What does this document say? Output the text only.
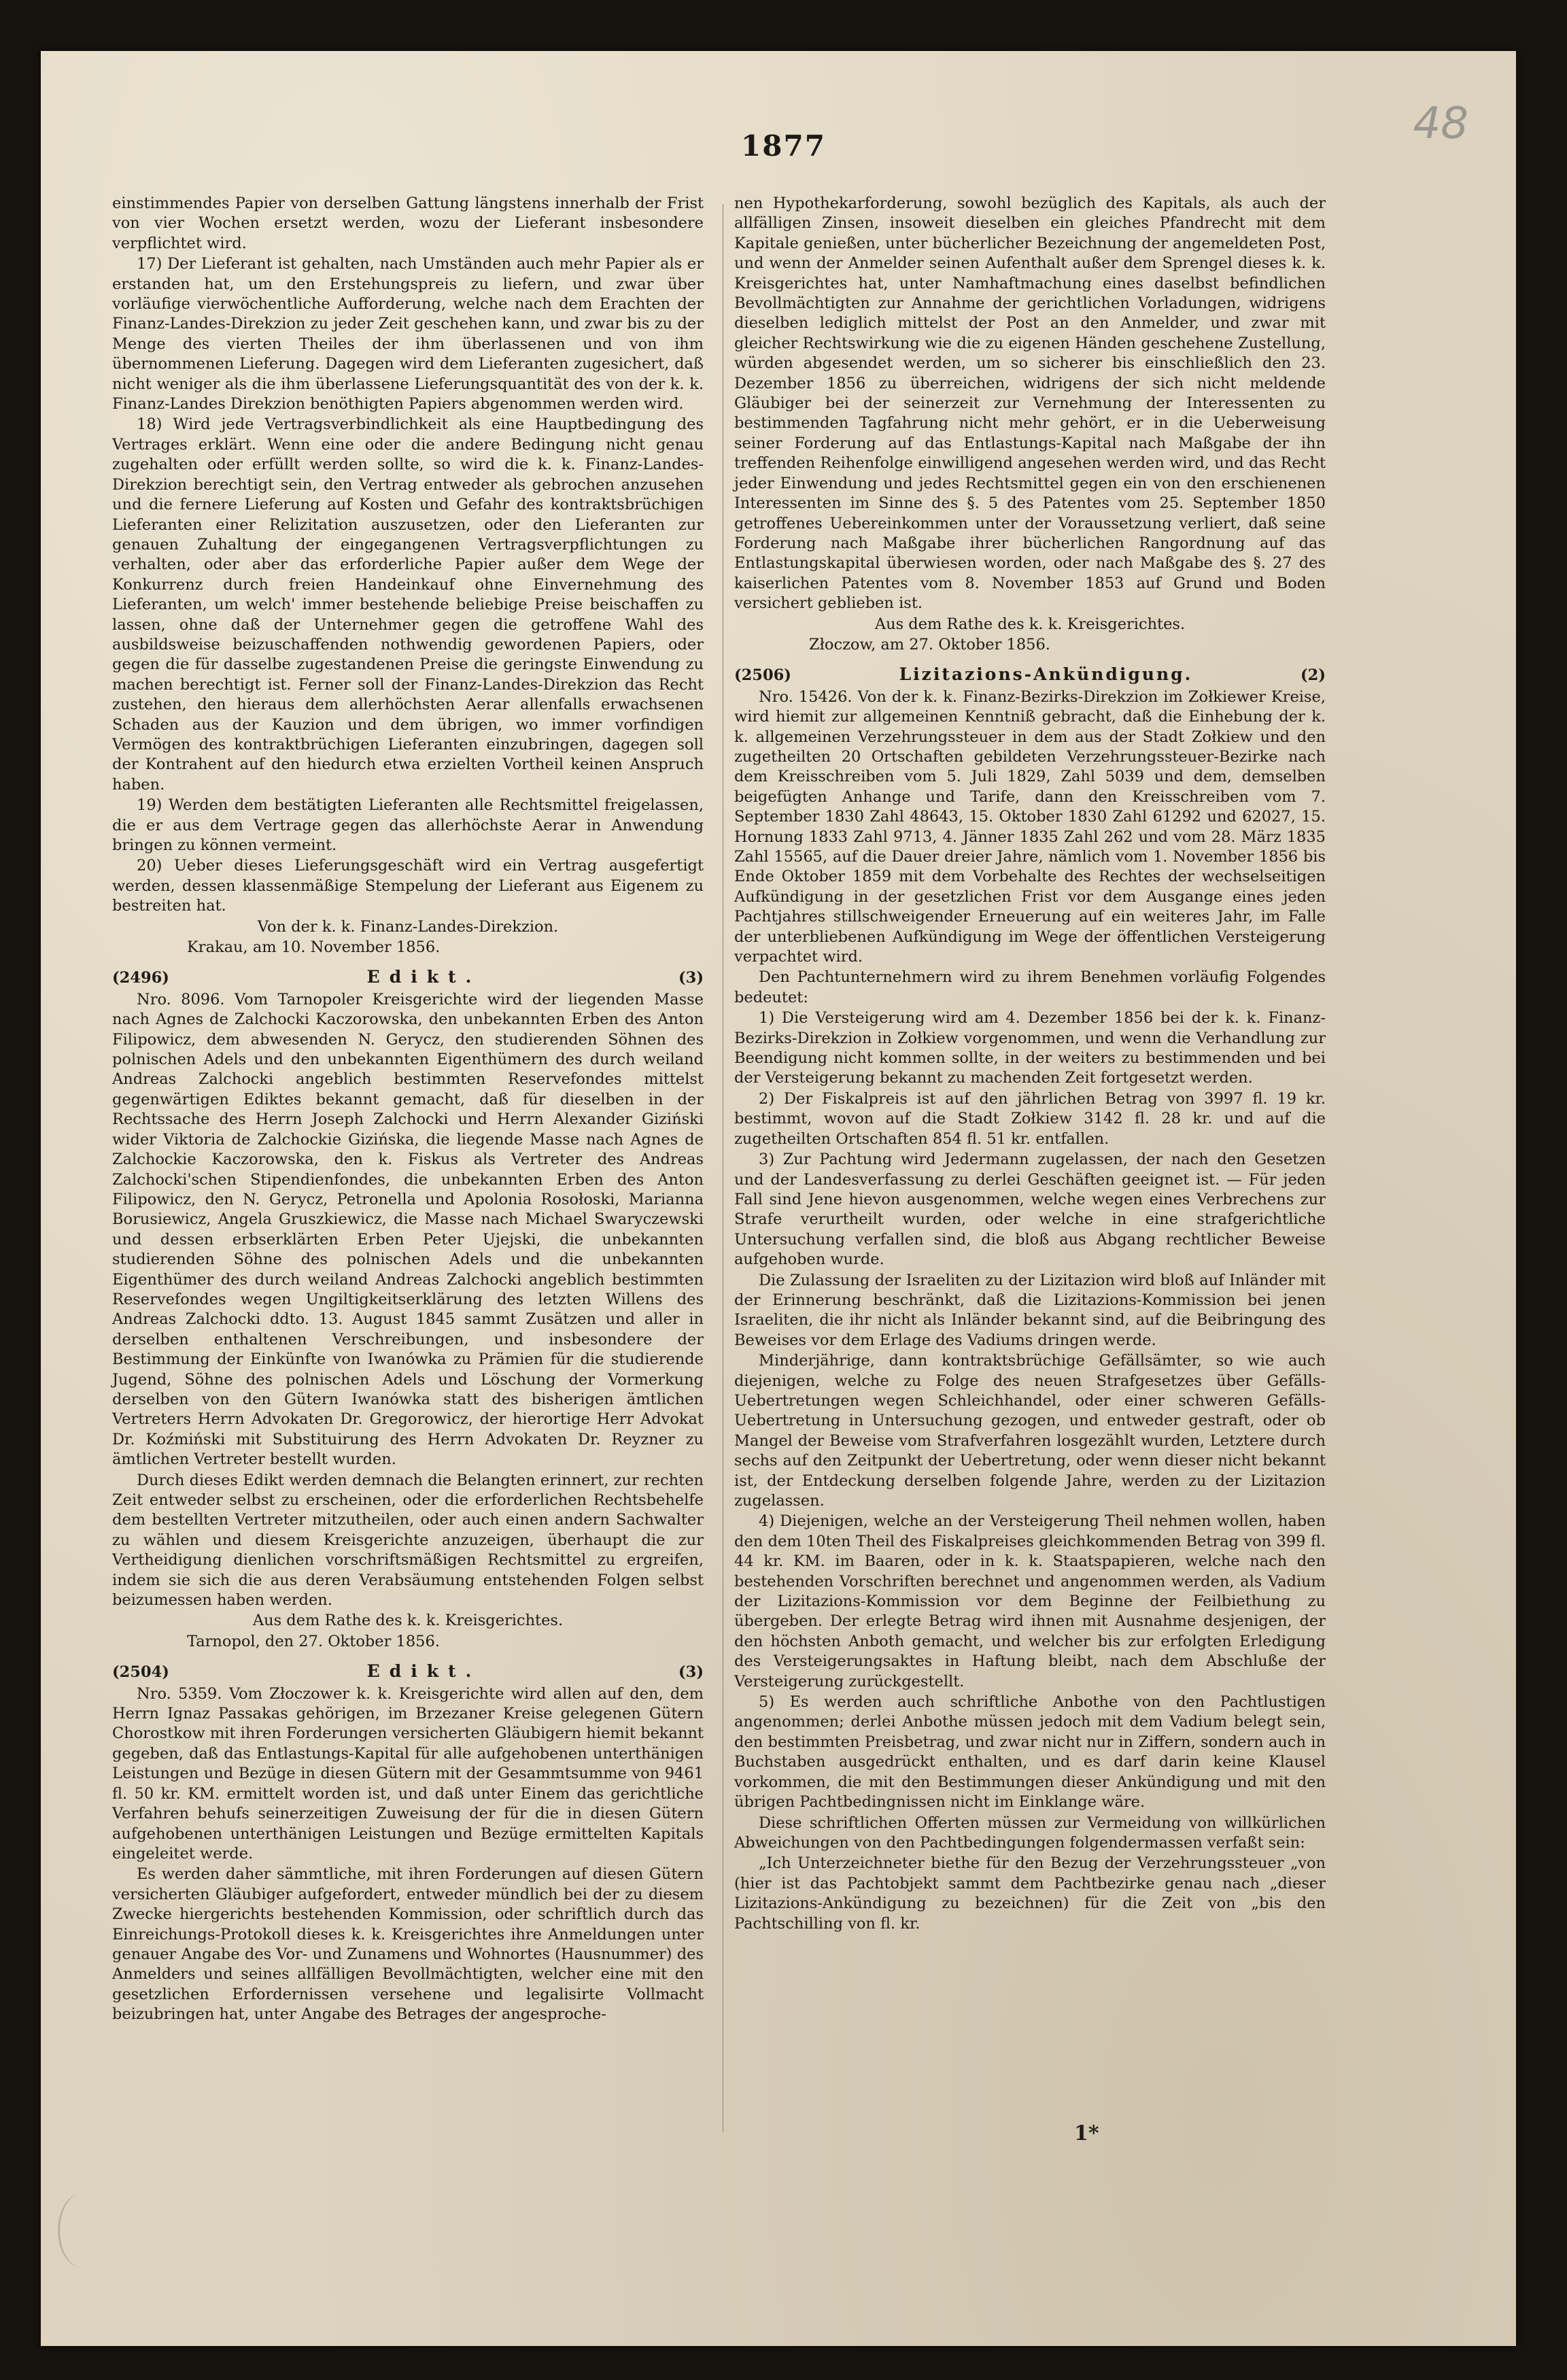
48
1877

einstimmendes Papier von derselben Gattung längstens innerhalb der Frist von vier Wochen ersetzt werden, wozu der Lieferant insbesondere verpflichtet wird.

17) Der Lieferant ist gehalten, nach Umständen auch mehr Papier als er erstanden hat, um den Erstehungspreis zu liefern, und zwar über vorläufige vierwöchentliche Aufforderung, welche nach dem Erachten der Finanz-Landes-Direkzion zu jeder Zeit geschehen kann, und zwar bis zu der Menge des vierten Theiles der ihm überlassenen und von ihm übernommenen Lieferung. Dagegen wird dem Lieferanten zugesichert, daß nicht weniger als die ihm überlassene Lieferungsquantität des von der k. k. Finanz-Landes Direkzion benöthigten Papiers abgenommen werden wird.

18) Wird jede Vertragsverbindlichkeit als eine Hauptbedingung des Vertrages erklärt. Wenn eine oder die andere Bedingung nicht genau zugehalten oder erfüllt werden sollte, so wird die k. k. Finanz-Landes-Direkzion berechtigt sein, den Vertrag entweder als gebrochen anzusehen und die fernere Lieferung auf Kosten und Gefahr des kontraktsbrüchigen Lieferanten einer Relizitation auszusetzen, oder den Lieferanten zur genauen Zuhaltung der eingegangenen Vertragsverpflichtungen zu verhalten, oder aber das erforderliche Papier außer dem Wege der Konkurrenz durch freien Handeinkauf ohne Einvernehmung des Lieferanten, um welch' immer bestehende beliebige Preise beischaffen zu lassen, ohne daß der Unternehmer gegen die getroffene Wahl des ausbildsweise beizuschaffenden nothwendig gewordenen Papiers, oder gegen die für dasselbe zugestandenen Preise die geringste Einwendung zu machen berechtigt ist. Ferner soll der Finanz-Landes-Direkzion das Recht zustehen, den hieraus dem allerhöchsten Aerar allenfalls erwachsenen Schaden aus der Kauzion und dem übrigen, wo immer vorfindigen Vermögen des kontraktbrüchigen Lieferanten einzubringen, dagegen soll der Kontrahent auf den hiedurch etwa erzielten Vortheil keinen Anspruch haben.

19) Werden dem bestätigten Lieferanten alle Rechtsmittel freigelassen, die er aus dem Vertrage gegen das allerhöchste Aerar in Anwendung bringen zu können vermeint.

20) Ueber dieses Lieferungsgeschäft wird ein Vertrag ausgefertigt werden, dessen klassenmäßige Stempelung der Lieferant aus Eigenem zu bestreiten hat.

Von der k. k. Finanz-Landes-Direkzion.

Krakau, am 10. November 1856.

(2496)	Edikt.	(3)

Nro. 8096. Vom Tarnopoler Kreisgerichte wird der liegenden Masse nach Agnes de Zalchocki Kaczorowska, den unbekannten Erben des Anton Filipowicz, dem abwesenden N. Gerycz, den studierenden Söhnen des polnischen Adels und den unbekannten Eigenthümern des durch weiland Andreas Zalchocki angeblich bestimmten Reservefondes mittelst gegenwärtigen Ediktes bekannt gemacht, daß für dieselben in der Rechtssache des Herrn Joseph Zalchocki und Herrn Alexander Giziński wider Viktoria de Zalchockie Gizińska, die liegende Masse nach Agnes de Zalchockie Kaczorowska, den k. Fiskus als Vertreter des Andreas Zalchocki'schen Stipendienfondes, die unbekannten Erben des Anton Filipowicz, den N. Gerycz, Petronella und Apolonia Rosołoski, Marianna Borusiewicz, Angela Gruszkiewicz, die Masse nach Michael Swaryczewski und dessen erbserklärten Erben Peter Ujejski, die unbekannten studierenden Söhne des polnischen Adels und die unbekannten Eigenthümer des durch weiland Andreas Zalchocki angeblich bestimmten Reservefondes wegen Ungiltigkeitserklärung des letzten Willens des Andreas Zalchocki ddto. 13. August 1845 sammt Zusätzen und aller in derselben enthaltenen Verschreibungen, und insbesondere der Bestimmung der Einkünfte von Iwanówka zu Prämien für die studierende Jugend, Söhne des polnischen Adels und Löschung der Vormerkung derselben von den Gütern Iwanówka statt des bisherigen ämtlichen Vertreters Herrn Advokaten Dr. Gregorowicz, der hierortige Herr Advokat Dr. Koźmiński mit Substituirung des Herrn Advokaten Dr. Reyzner zu ämtlichen Vertreter bestellt wurden.

Durch dieses Edikt werden demnach die Belangten erinnert, zur rechten Zeit entweder selbst zu erscheinen, oder die erforderlichen Rechtsbehelfe dem bestellten Vertreter mitzutheilen, oder auch einen andern Sachwalter zu wählen und diesem Kreisgerichte anzuzeigen, überhaupt die zur Vertheidigung dienlichen vorschriftsmäßigen Rechtsmittel zu ergreifen, indem sie sich die aus deren Verabsäumung entstehenden Folgen selbst beizumessen haben werden.

Aus dem Rathe des k. k. Kreisgerichtes.

Tarnopol, den 27. Oktober 1856.

(2504)	Edikt.	(3)

Nro. 5359. Vom Złoczower k. k. Kreisgerichte wird allen auf den, dem Herrn Ignaz Passakas gehörigen, im Brzezaner Kreise gelegenen Gütern Chorostkow mit ihren Forderungen versicherten Gläubigern hiemit bekannt gegeben, daß das Entlastungs-Kapital für alle aufgehobenen unterthänigen Leistungen und Bezüge in diesen Gütern mit der Gesammtsumme von 9461 fl. 50 kr. KM. ermittelt worden ist, und daß unter Einem das gerichtliche Verfahren behufs seinerzeitigen Zuweisung der für die in diesen Gütern aufgehobenen unterthänigen Leistungen und Bezüge ermittelten Kapitals eingeleitet werde.

Es werden daher sämmtliche, mit ihren Forderungen auf diesen Gütern versicherten Gläubiger aufgefordert, entweder mündlich bei der zu diesem Zwecke hiergerichts bestehenden Kommission, oder schriftlich durch das Einreichungs-Protokoll dieses k. k. Kreisgerichtes ihre Anmeldungen unter genauer Angabe des Vor- und Zunamens und Wohnortes (Hausnummer) des Anmelders und seines allfälligen Bevollmächtigten, welcher eine mit den gesetzlichen Erfordernissen versehene und legalisirte Vollmacht beizubringen hat, unter Angabe des Betrages der angesproche-

nen Hypothekarforderung, sowohl bezüglich des Kapitals, als auch der allfälligen Zinsen, insoweit dieselben ein gleiches Pfandrecht mit dem Kapitale genießen, unter bücherlicher Bezeichnung der angemeldeten Post, und wenn der Anmelder seinen Aufenthalt außer dem Sprengel dieses k. k. Kreisgerichtes hat, unter Namhaftmachung eines daselbst befindlichen Bevollmächtigten zur Annahme der gerichtlichen Vorladungen, widrigens dieselben lediglich mittelst der Post an den Anmelder, und zwar mit gleicher Rechtswirkung wie die zu eigenen Händen geschehene Zustellung, würden abgesendet werden, um so sicherer bis einschließlich den 23. Dezember 1856 zu überreichen, widrigens der sich nicht meldende Gläubiger bei der seinerzeit zur Vernehmung der Interessenten zu bestimmenden Tagfahrung nicht mehr gehört, er in die Ueberweisung seiner Forderung auf das Entlastungs-Kapital nach Maßgabe der ihn treffenden Reihenfolge einwilligend angesehen werden wird, und das Recht jeder Einwendung und jedes Rechtsmittel gegen ein von den erschienenen Interessenten im Sinne des §. 5 des Patentes vom 25. September 1850 getroffenes Uebereinkommen unter der Voraussetzung verliert, daß seine Forderung nach Maßgabe ihrer bücherlichen Rangordnung auf das Entlastungskapital überwiesen worden, oder nach Maßgabe des §. 27 des kaiserlichen Patentes vom 8. November 1853 auf Grund und Boden versichert geblieben ist.

Aus dem Rathe des k. k. Kreisgerichtes.

Złoczow, am 27. Oktober 1856.

(2506)	Lizitazions-Ankündigung.	(2)

Nro. 15426. Von der k. k. Finanz-Bezirks-Direkzion im Zołkiewer Kreise, wird hiemit zur allgemeinen Kenntniß gebracht, daß die Einhebung der k. k. allgemeinen Verzehrungssteuer in dem aus der Stadt Zołkiew und den zugetheilten 20 Ortschaften gebildeten Verzehrungssteuer-Bezirke nach dem Kreisschreiben vom 5. Juli 1829, Zahl 5039 und dem, demselben beigefügten Anhange und Tarife, dann den Kreisschreiben vom 7. September 1830 Zahl 48643, 15. Oktober 1830 Zahl 61292 und 62027, 15. Hornung 1833 Zahl 9713, 4. Jänner 1835 Zahl 262 und vom 28. März 1835 Zahl 15565, auf die Dauer dreier Jahre, nämlich vom 1. November 1856 bis Ende Oktober 1859 mit dem Vorbehalte des Rechtes der wechselseitigen Aufkündigung in der gesetzlichen Frist vor dem Ausgange eines jeden Pachtjahres stillschweigender Erneuerung auf ein weiteres Jahr, im Falle der unterbliebenen Aufkündigung im Wege der öffentlichen Versteigerung verpachtet wird.

Den Pachtunternehmern wird zu ihrem Benehmen vorläufig Folgendes bedeutet:

1) Die Versteigerung wird am 4. Dezember 1856 bei der k. k. Finanz-Bezirks-Direkzion in Zołkiew vorgenommen, und wenn die Verhandlung zur Beendigung nicht kommen sollte, in der weiters zu bestimmenden und bei der Versteigerung bekannt zu machenden Zeit fortgesetzt werden.

2) Der Fiskalpreis ist auf den jährlichen Betrag von 3997 fl. 19 kr. bestimmt, wovon auf die Stadt Zołkiew 3142 fl. 28 kr. und auf die zugetheilten Ortschaften 854 fl. 51 kr. entfallen.

3) Zur Pachtung wird Jedermann zugelassen, der nach den Gesetzen und der Landesverfassung zu derlei Geschäften geeignet ist. — Für jeden Fall sind Jene hievon ausgenommen, welche wegen eines Verbrechens zur Strafe verurtheilt wurden, oder welche in eine strafgerichtliche Untersuchung verfallen sind, die bloß aus Abgang rechtlicher Beweise aufgehoben wurde.

Die Zulassung der Israeliten zu der Lizitazion wird bloß auf Inländer mit der Erinnerung beschränkt, daß die Lizitazions-Kommission bei jenen Israeliten, die ihr nicht als Inländer bekannt sind, auf die Beibringung des Beweises vor dem Erlage des Vadiums dringen werde.

Minderjährige, dann kontraktsbrüchige Gefällsämter, so wie auch diejenigen, welche zu Folge des neuen Strafgesetzes über Gefälls-Uebertretungen wegen Schleichhandel, oder einer schweren Gefälls-Uebertretung in Untersuchung gezogen, und entweder gestraft, oder ob Mangel der Beweise vom Strafverfahren losgezählt wurden, Letztere durch sechs auf den Zeitpunkt der Uebertretung, oder wenn dieser nicht bekannt ist, der Entdeckung derselben folgende Jahre, werden zu der Lizitazion zugelassen.

4) Diejenigen, welche an der Versteigerung Theil nehmen wollen, haben den dem 10ten Theil des Fiskalpreises gleichkommenden Betrag von 399 fl. 44 kr. KM. im Baaren, oder in k. k. Staatspapieren, welche nach den bestehenden Vorschriften berechnet und angenommen werden, als Vadium der Lizitazions-Kommission vor dem Beginne der Feilbiethung zu übergeben. Der erlegte Betrag wird ihnen mit Ausnahme desjenigen, der den höchsten Anboth gemacht, und welcher bis zur erfolgten Erledigung des Versteigerungsaktes in Haftung bleibt, nach dem Abschluße der Versteigerung zurückgestellt.

5) Es werden auch schriftliche Anbothe von den Pachtlustigen angenommen; derlei Anbothe müssen jedoch mit dem Vadium belegt sein, den bestimmten Preisbetrag, und zwar nicht nur in Ziffern, sondern auch in Buchstaben ausgedrückt enthalten, und es darf darin keine Klausel vorkommen, die mit den Bestimmungen dieser Ankündigung und mit den übrigen Pachtbedingnissen nicht im Einklange wäre.

Diese schriftlichen Offerten müssen zur Vermeidung von willkürlichen Abweichungen von den Pachtbedingungen folgendermassen verfaßt sein:

„Ich Unterzeichneter biethe für den Bezug der Verzehrungssteuer „von (hier ist das Pachtobjekt sammt dem Pachtbezirke genau nach „dieser Lizitazions-Ankündigung zu bezeichnen) für die Zeit von „bis den Pachtschilling von fl. kr.

1*
